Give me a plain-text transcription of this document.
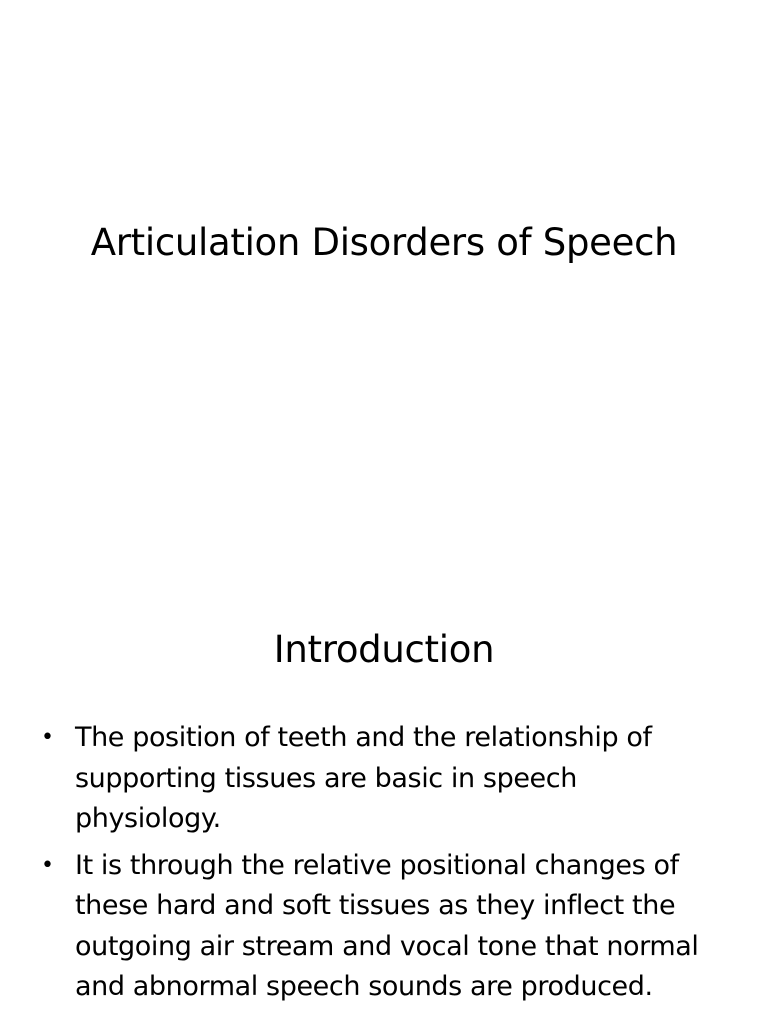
Articulation Disorders of Speech
Introduction
• The position of teeth and the relationship of supporting tissues are basic in speech physiology.
• It is through the relative positional changes of these hard and soft tissues as they inflect the outgoing air stream and vocal tone that normal and abnormal speech sounds are produced.
